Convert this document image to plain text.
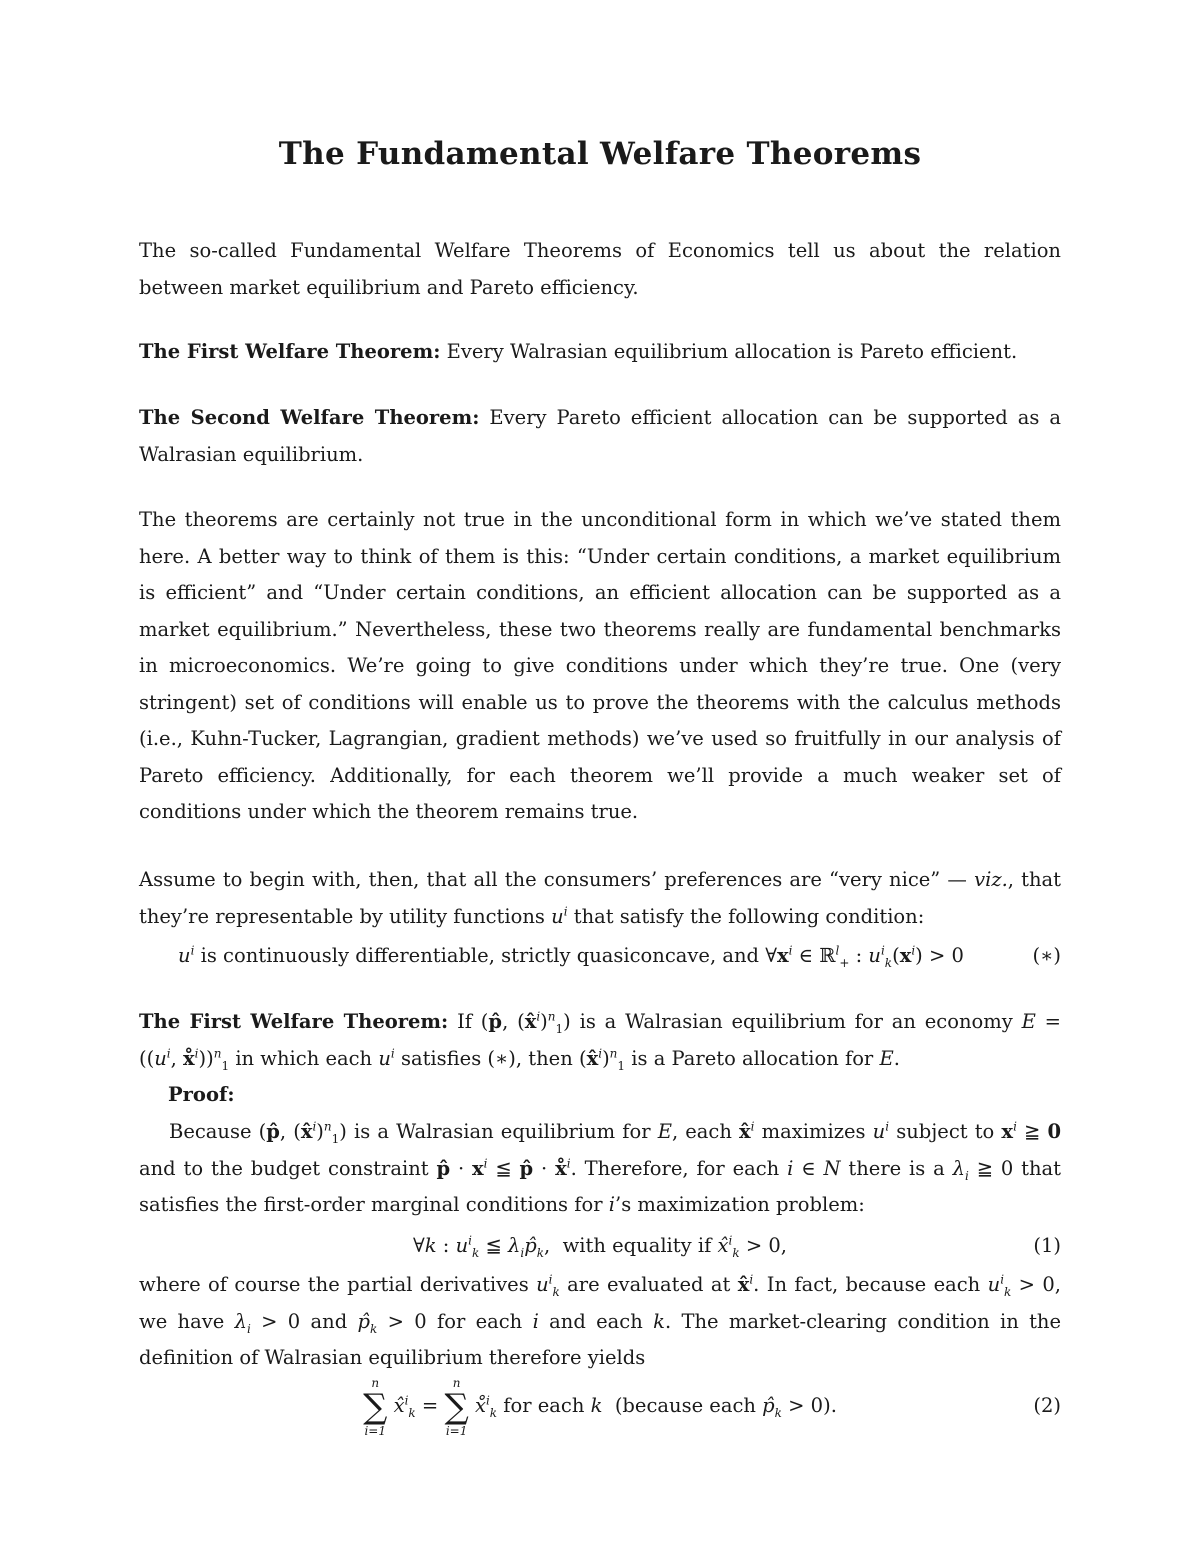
The Fundamental Welfare Theorems
The so-called Fundamental Welfare Theorems of Economics tell us about the relation between market equilibrium and Pareto efficiency.
The First Welfare Theorem: Every Walrasian equilibrium allocation is Pareto efficient.
The Second Welfare Theorem: Every Pareto efficient allocation can be supported as a Walrasian equilibrium.
The theorems are certainly not true in the unconditional form in which we’ve stated them here. A better way to think of them is this: “Under certain conditions, a market equilibrium is efficient” and “Under certain conditions, an efficient allocation can be supported as a market equilibrium.” Nevertheless, these two theorems really are fundamental benchmarks in microeconomics. We’re going to give conditions under which they’re true. One (very stringent) set of conditions will enable us to prove the theorems with the calculus methods (i.e., Kuhn-Tucker, Lagrangian, gradient methods) we’ve used so fruitfully in our analysis of Pareto efficiency. Additionally, for each theorem we’ll provide a much weaker set of conditions under which the theorem remains true.
Assume to begin with, then, that all the consumers’ preferences are “very nice” — viz., that they’re representable by utility functions $u^i$ that satisfy the following condition:
$u^i$ is continuously differentiable, strictly quasiconcave, and $\forall x^i$ ∈ ℝ$^l_+$ : $u^i_k(x^i) > 0$	(∗)
The First Welfare Theorem: If (p̂, (x̂$^i$)$^n_1$) is a Walrasian equilibrium for an economy $E = ((u^i$, x̊$^i$))$^n_1$ in which each $u^i$ satisfies (∗), then (x̂$^i$)$^n_1$ is a Pareto allocation for E.
Proof:
Because (p̂, (x̂$^i$)$^n_1$) is a Walrasian equilibrium for E, each x̂$^i$ maximizes $u^i$ subject to $x^i$ ≧ 0 and to the budget constraint p̂ · $x^i$ ≦ p̂ · x̊$^i$. Therefore, for each i ∈ N there is a $\lambda_i$ ≧ 0 that satisfies the first-order marginal conditions for i’s maximization problem:
∀k : $u^i_k$ ≦ $\lambda_ip̂_k$,  with equality if x̂$^i_k$ > 0,	(1)
where of course the partial derivatives $u^i_k$ are evaluated at x̂$^i$. In fact, because each $u^i_k > 0$, we have $\lambda_i > 0$ and $p̂_k > 0$ for each i and each k. The market-clearing condition in the definition of Walrasian equilibrium therefore yields
n
∑
i=1
x̂$^i_k$ =
n
∑
i=1
x̊$^i_k$ for each k (because each $p̂_k > 0$).	(2)
